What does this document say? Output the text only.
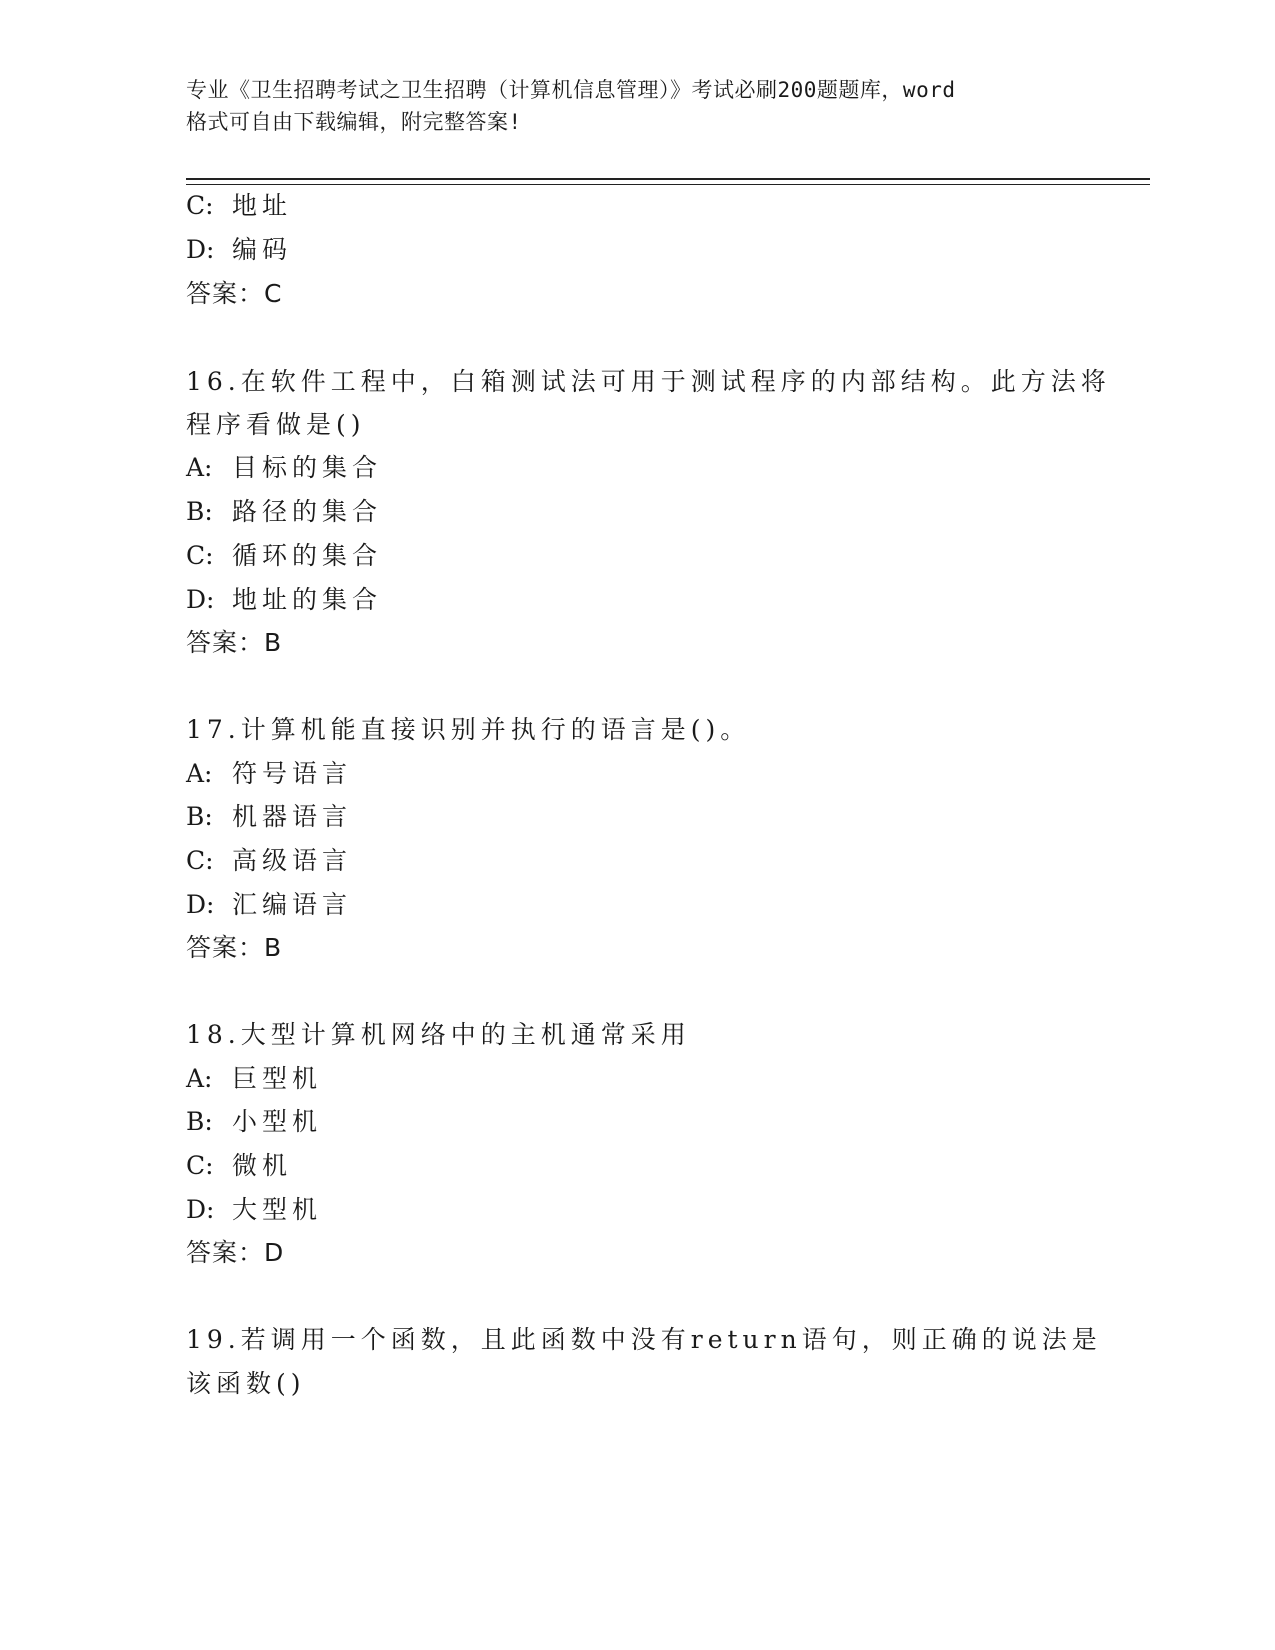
专业《卫生招聘考试之卫生招聘（计算机信息管理）》考试必刷200题题库，word
格式可自由下载编辑，附完整答案!
C: 地址
D: 编码
答案：C
16.在软件工程中，白箱测试法可用于测试程序的内部结构。此方法将
程序看做是()
A: 目标的集合
B: 路径的集合
C: 循环的集合
D: 地址的集合
答案：B
17.计算机能直接识别并执行的语言是()。
A: 符号语言
B: 机器语言
C: 高级语言
D: 汇编语言
答案：B
18.大型计算机网络中的主机通常采用
A: 巨型机
B: 小型机
C: 微机
D: 大型机
答案：D
19.若调用一个函数，且此函数中没有return语句，则正确的说法是
该函数()
